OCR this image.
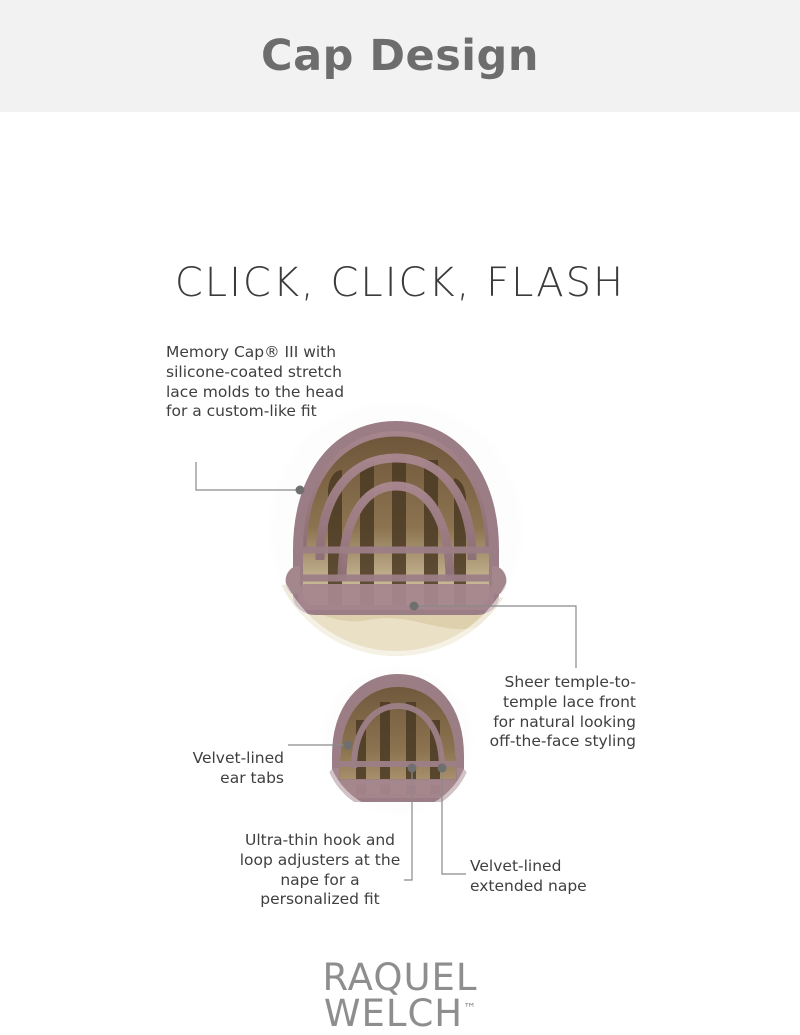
Cap Design
CLICK, CLICK, FLASH
Memory Cap® III with silicone-coated stretch lace molds to the head for a custom-like fit
Sheer temple-to-temple lace front for natural looking off-the-face styling
Velvet-lined ear tabs
Ultra-thin hook and loop adjusters at the nape for a personalized fit
Velvet-lined extended nape
RAQUEL
WELCH™
